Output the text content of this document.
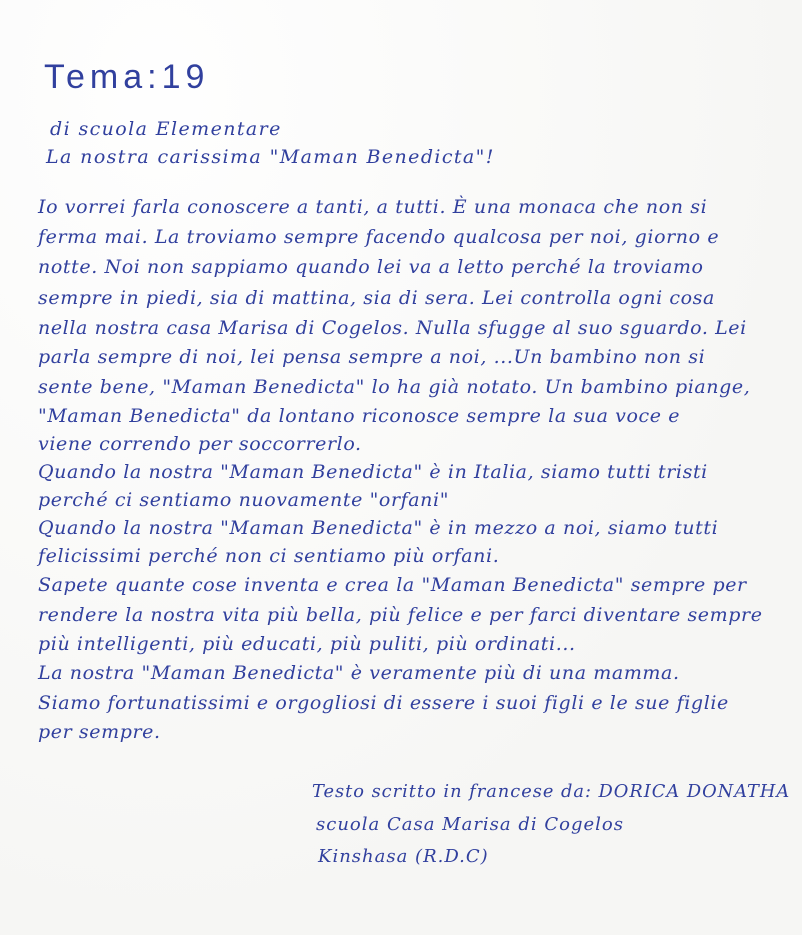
Tema:19
di scuola Elementare
La nostra carissima "Maman Benedicta"!
Io vorrei farla conoscere a tanti, a tutti. È una monaca che non si
ferma mai. La troviamo sempre facendo qualcosa per noi, giorno e
notte. Noi non sappiamo quando lei va a letto perché la troviamo
sempre in piedi, sia di mattina, sia di sera. Lei controlla ogni cosa
nella nostra casa Marisa di Cogelos. Nulla sfugge al suo sguardo. Lei
parla sempre di noi, lei pensa sempre a noi, ...Un bambino non si
sente bene, "Maman Benedicta" lo ha già notato. Un bambino piange,
"Maman Benedicta" da lontano riconosce sempre la sua voce e
viene correndo per soccorrerlo.
Quando la nostra "Maman Benedicta" è in Italia, siamo tutti tristi
perché ci sentiamo nuovamente "orfani"
Quando la nostra "Maman Benedicta" è in mezzo a noi, siamo tutti
felicissimi perché non ci sentiamo più orfani.
Sapete quante cose inventa e crea la "Maman Benedicta" sempre per
rendere la nostra vita più bella, più felice e per farci diventare sempre
più intelligenti, più educati, più puliti, più ordinati...
La nostra "Maman Benedicta" è veramente più di una mamma.
Siamo fortunatissimi e orgogliosi di essere i suoi figli e le sue figlie
per sempre.
Testo scritto in francese da: DORICA DONATHA
scuola Casa Marisa di Cogelos
Kinshasa (R.D.C)
